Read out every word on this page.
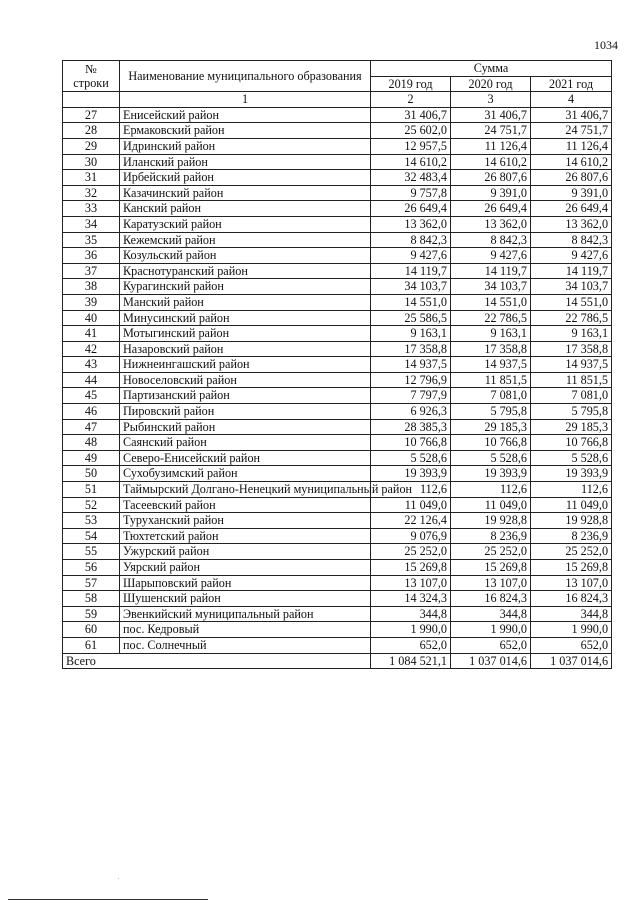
1034
№ строки	Наименование муниципального образования	Сумма		
		2019 год	2020 год	2021 год
	1	2	3	4
27	Енисейский район	31 406,7	31 406,7	31 406,7
28	Ермаковский район	25 602,0	24 751,7	24 751,7
29	Идринский район	12 957,5	11 126,4	11 126,4
30	Иланский район	14 610,2	14 610,2	14 610,2
31	Ирбейский район	32 483,4	26 807,6	26 807,6
32	Казачинский район	9 757,8	9 391,0	9 391,0
33	Канский район	26 649,4	26 649,4	26 649,4
34	Каратузский район	13 362,0	13 362,0	13 362,0
35	Кежемский район	8 842,3	8 842,3	8 842,3
36	Козульский район	9 427,6	9 427,6	9 427,6
37	Краснотуранский район	14 119,7	14 119,7	14 119,7
38	Курагинский район	34 103,7	34 103,7	34 103,7
39	Манский район	14 551,0	14 551,0	14 551,0
40	Минусинский район	25 586,5	22 786,5	22 786,5
41	Мотыгинский район	9 163,1	9 163,1	9 163,1
42	Назаровский район	17 358,8	17 358,8	17 358,8
43	Нижнеингашский район	14 937,5	14 937,5	14 937,5
44	Новоселовский район	12 796,9	11 851,5	11 851,5
45	Партизанский район	7 797,9	7 081,0	7 081,0
46	Пировский район	6 926,3	5 795,8	5 795,8
47	Рыбинский район	28 385,3	29 185,3	29 185,3
48	Саянский район	10 766,8	10 766,8	10 766,8
49	Северо-Енисейский район	5 528,6	5 528,6	5 528,6
50	Сухобузимский район	19 393,9	19 393,9	19 393,9
51	Таймырский Долгано-Ненецкий муниципальный район	112,6	112,6	112,6
52	Тасеевский район	11 049,0	11 049,0	11 049,0
53	Туруханский район	22 126,4	19 928,8	19 928,8
54	Тюхтетский район	9 076,9	8 236,9	8 236,9
55	Ужурский район	25 252,0	25 252,0	25 252,0
56	Уярский район	15 269,8	15 269,8	15 269,8
57	Шарыповский район	13 107,0	13 107,0	13 107,0
58	Шушенский район	14 324,3	16 824,3	16 824,3
59	Эвенкийский муниципальный район	344,8	344,8	344,8
60	пос. Кедровый	1 990,0	1 990,0	1 990,0
61	пос. Солнечный	652,0	652,0	652,0
Всего		1 084 521,1	1 037 014,6	1 037 014,6
